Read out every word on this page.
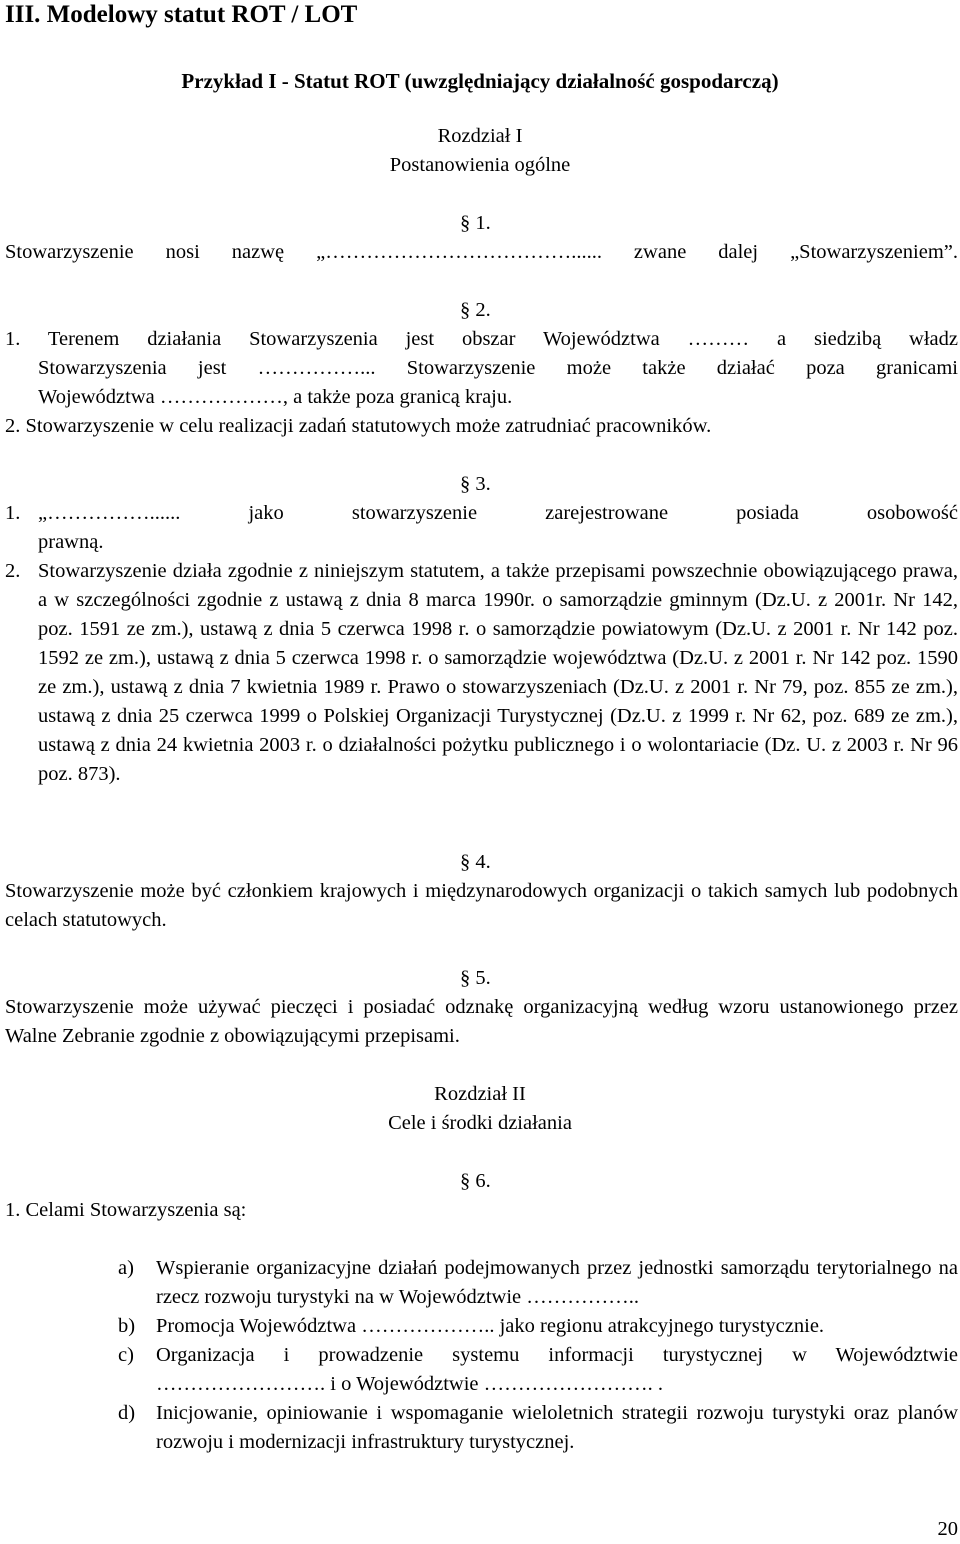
III. Modelowy statut ROT / LOT
Przykład I - Statut ROT (uwzględniający działalność gospodarczą)
Rozdział I
Postanowienia ogólne
§ 1.
Stowarzyszenie nosi nazwę „………………………………...... zwane dalej „Stowarzyszeniem”.
§ 2.
1. Terenem działania Stowarzyszenia jest obszar Województwa ……… a siedzibą władz
Stowarzyszenia jest ……………... Stowarzyszenie może także działać poza granicami
Województwa ………………, a także poza granicą kraju.
2. Stowarzyszenie w celu realizacji zadań statutowych może zatrudniać pracowników.
§ 3.
1. „……………...... jako stowarzyszenie zarejestrowane posiada osobowość
prawną.
2. Stowarzyszenie działa zgodnie z niniejszym statutem, a także przepisami powszechnie obowiązującego prawa, a w szczególności zgodnie z ustawą z dnia 8 marca 1990r. o samorządzie gminnym (Dz.U. z 2001r. Nr 142, poz. 1591 ze zm.), ustawą z dnia 5 czerwca 1998 r. o samorządzie powiatowym (Dz.U. z 2001 r. Nr 142 poz. 1592 ze zm.), ustawą z dnia 5 czerwca 1998 r. o samorządzie województwa (Dz.U. z 2001 r. Nr 142 poz. 1590 ze zm.), ustawą z dnia 7 kwietnia 1989 r. Prawo o stowarzyszeniach (Dz.U. z 2001 r. Nr 79, poz. 855 ze zm.), ustawą z dnia 25 czerwca 1999 o Polskiej Organizacji Turystycznej (Dz.U. z 1999 r. Nr 62, poz. 689 ze zm.), ustawą z dnia 24 kwietnia 2003 r. o działalności pożytku publicznego i o wolontariacie (Dz. U. z 2003 r. Nr 96 poz. 873).
§ 4.
Stowarzyszenie może być członkiem krajowych i międzynarodowych organizacji o takich samych lub podobnych celach statutowych.
§ 5.
Stowarzyszenie może używać pieczęci i posiadać odznakę organizacyjną według wzoru ustanowionego przez Walne Zebranie zgodnie z obowiązującymi przepisami.
Rozdział II
Cele i środki działania
§ 6.
1. Celami Stowarzyszenia są:
a)	Wspieranie organizacyjne działań podejmowanych przez jednostki samorządu terytorialnego na rzecz rozwoju turystyki na w Województwie ……………..
b)	Promocja Województwa ……………….. jako regionu atrakcyjnego turystycznie.
c)	Organizacja i prowadzenie systemu informacji turystycznej w Województwie ……………………. i o Województwie ……………………. .
d)	Inicjowanie, opiniowanie i wspomaganie wieloletnich strategii rozwoju turystyki oraz planów rozwoju i modernizacji infrastruktury turystycznej.
20
